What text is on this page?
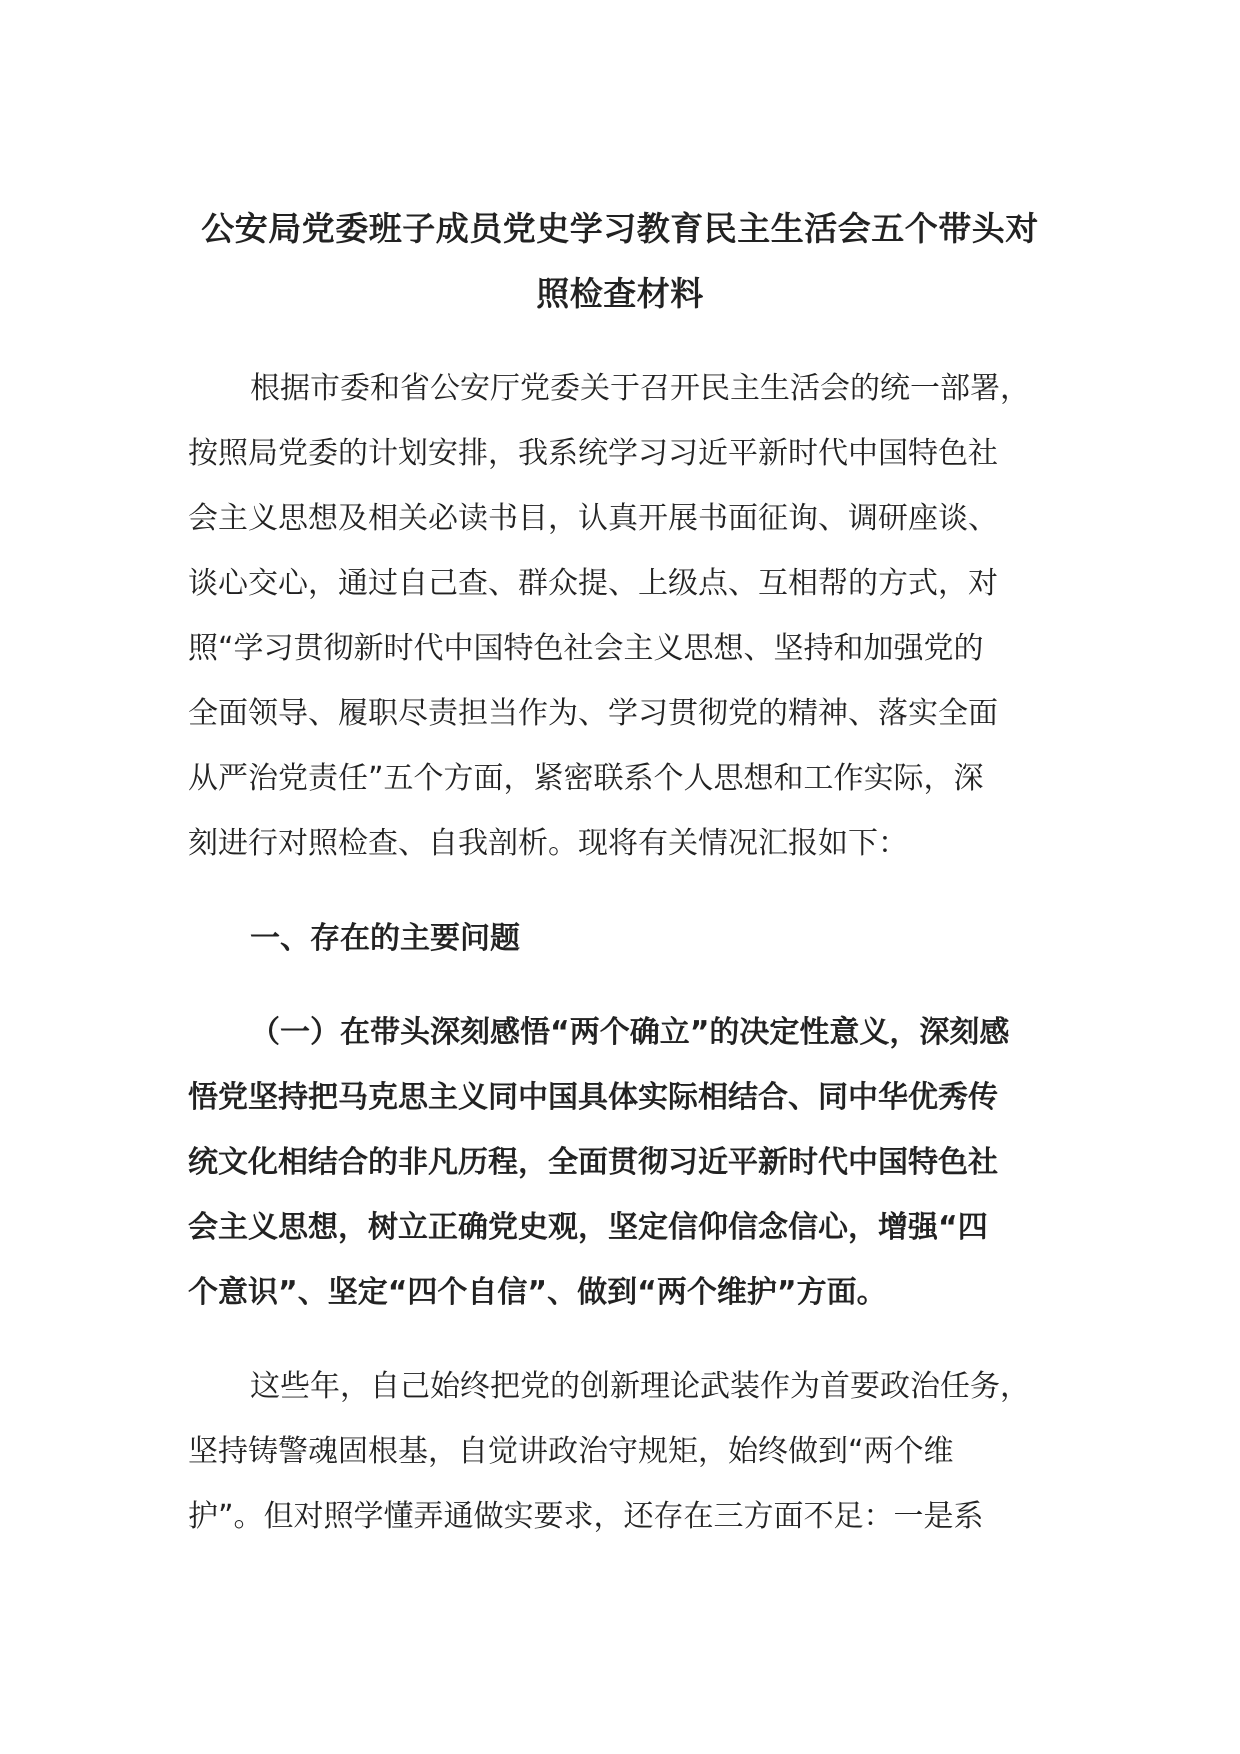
公安局党委班子成员党史学习教育民主生活会五个带头对
照检查材料
根据市委和省公安厅党委关于召开民主生活会的统一部署，
按照局党委的计划安排，我系统学习习近平新时代中国特色社
会主义思想及相关必读书目，认真开展书面征询、调研座谈、
谈心交心，通过自己查、群众提、上级点、互相帮的方式，对
照“学习贯彻新时代中国特色社会主义思想、坚持和加强党的
全面领导、履职尽责担当作为、学习贯彻党的精神、落实全面
从严治党责任”五个方面，紧密联系个人思想和工作实际，深
刻进行对照检查、自我剖析。现将有关情况汇报如下：
一、存在的主要问题
（一）在带头深刻感悟“两个确立”的决定性意义，深刻感
悟党坚持把马克思主义同中国具体实际相结合、同中华优秀传
统文化相结合的非凡历程，全面贯彻习近平新时代中国特色社
会主义思想，树立正确党史观，坚定信仰信念信心，增强“四
个意识”、坚定“四个自信”、做到“两个维护”方面。
这些年，自己始终把党的创新理论武装作为首要政治任务，
坚持铸警魂固根基，自觉讲政治守规矩，始终做到“两个维
护”。但对照学懂弄通做实要求，还存在三方面不足：一是系
